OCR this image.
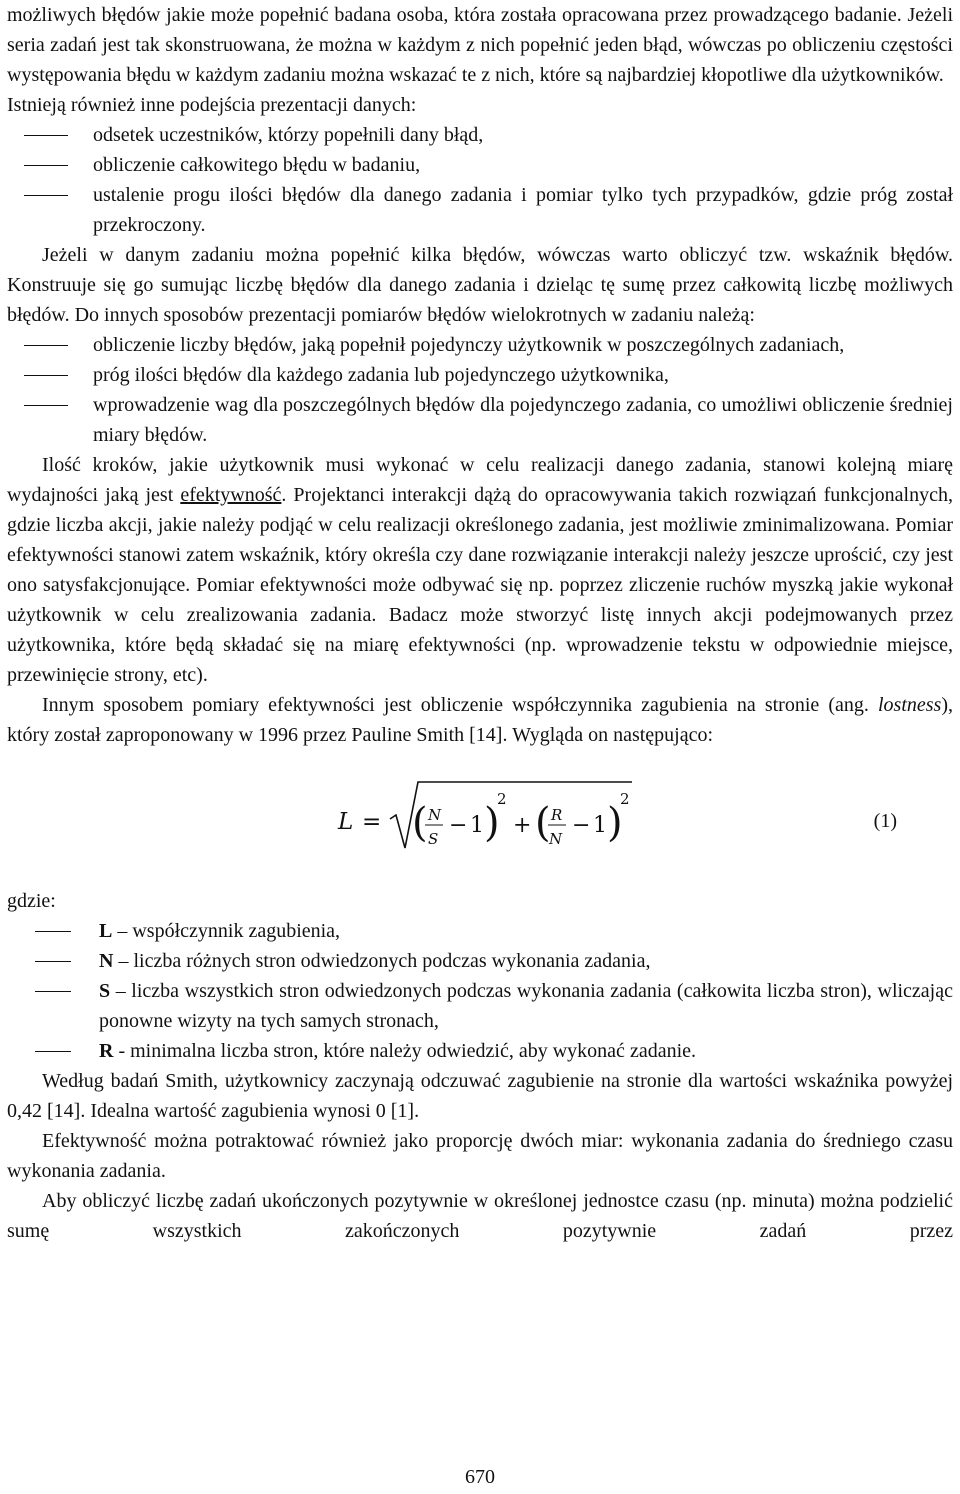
możliwych błędów jakie może popełnić badana osoba, która została opracowana przez prowadzącego badanie. Jeżeli seria zadań jest tak skonstruowana, że można w każdym z nich popełnić jeden błąd, wówczas po obliczeniu częstości występowania błędu w każdym zadaniu można wskazać te z nich, które są najbardziej kłopotliwe dla użytkowników.

Istnieją również inne podejścia prezentacji danych:

odsetek uczestników, którzy popełnili dany błąd,
obliczenie całkowitego błędu w badaniu,
ustalenie progu ilości błędów dla danego zadania i pomiar tylko tych przypadków, gdzie próg został przekroczony.

Jeżeli w danym zadaniu można popełnić kilka błędów, wówczas warto obliczyć tzw. wskaźnik błędów. Konstruuje się go sumując liczbę błędów dla danego zadania i dzieląc tę sumę przez całkowitą liczbę możliwych błędów. Do innych sposobów prezentacji pomiarów błędów wielokrotnych w zadaniu należą:

obliczenie liczby błędów, jaką popełnił pojedynczy użytkownik w poszczególnych zadaniach,
próg ilości błędów dla każdego zadania lub pojedynczego użytkownika,
wprowadzenie wag dla poszczególnych błędów dla pojedynczego zadania, co umożliwi obliczenie średniej miary błędów.

Ilość kroków, jakie użytkownik musi wykonać w celu realizacji danego zadania, stanowi kolejną miarę wydajności jaką jest efektywność. Projektanci interakcji dążą do opracowywania takich rozwiązań funkcjonalnych, gdzie liczba akcji, jakie należy podjąć w celu realizacji określonego zadania, jest możliwie zminimalizowana. Pomiar efektywności stanowi zatem wskaźnik, który określa czy dane rozwiązanie interakcji należy jeszcze uprościć, czy jest ono satysfakcjonujące. Pomiar efektywności może odbywać się np. poprzez zliczenie ruchów myszką jakie wykonał użytkownik w celu zrealizowania zadania. Badacz może stworzyć listę innych akcji podejmowanych przez użytkownika, które będą składać się na miarę efektywności (np. wprowadzenie tekstu w odpowiednie miejsce, przewinięcie strony, etc).

Innym sposobem pomiary efektywności jest obliczenie współczynnika zagubienia na stronie (ang. lostness), który został zaproponowany w 1996 przez Pauline Smith [14]. Wygląda on następująco:

L = ( N
S
− 1 )
2
+ ( R
N
− 1 )
2
(1)

gdzie:

L – współczynnik zagubienia,
N – liczba różnych stron odwiedzonych podczas wykonania zadania,
S – liczba wszystkich stron odwiedzonych podczas wykonania zadania (całkowita liczba stron), wliczając ponowne wizyty na tych samych stronach,
R - minimalna liczba stron, które należy odwiedzić, aby wykonać zadanie.

Według badań Smith, użytkownicy zaczynają odczuwać zagubienie na stronie dla wartości wskaźnika powyżej 0,42 [14]. Idealna wartość zagubienia wynosi 0 [1].

Efektywność można potraktować również jako proporcję dwóch miar: wykonania zadania do średniego czasu wykonania zadania.

Aby obliczyć liczbę zadań ukończonych pozytywnie w określonej jednostce czasu (np. minuta) można podzielić sumę wszystkich zakończonych pozytywnie zadań przez

670
